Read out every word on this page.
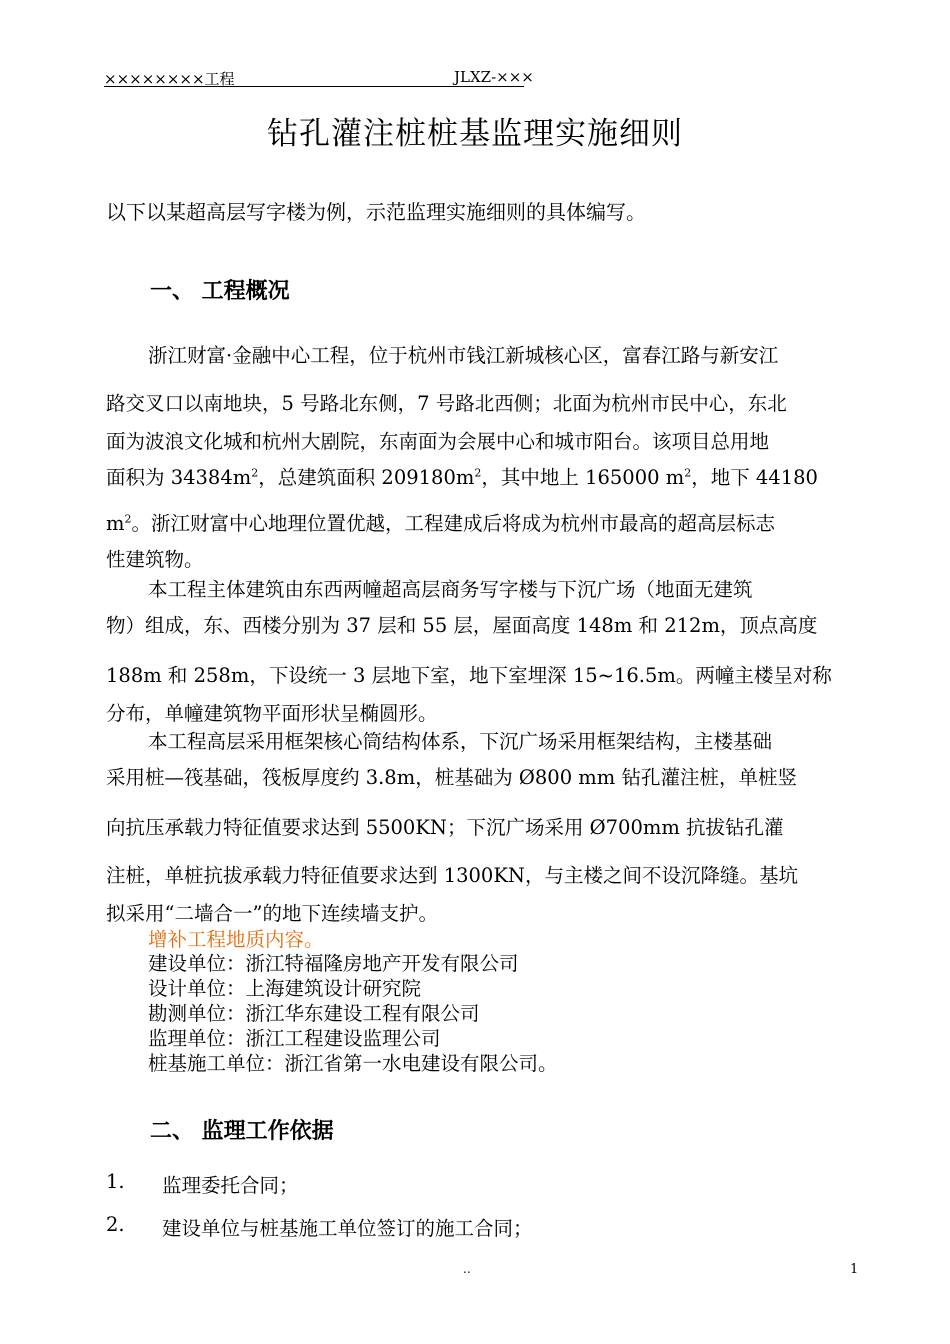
××××××××工程	JLXZ-×××
钻孔灌注桩桩基监理实施细则
以下以某超高层写字楼为例，示范监理实施细则的具体编写。
一、 工程概况
浙江财富·金融中心工程，位于杭州市钱江新城核心区，富春江路与新安江
路交叉口以南地块，5 号路北东侧，7 号路北西侧；北面为杭州市民中心，东北
面为波浪文化城和杭州大剧院，东南面为会展中心和城市阳台。该项目总用地
面积为 $34384m^2$，总建筑面积 $209180m^2$，其中地上 165000 $m^2$，地下 44180
$m^2$。浙江财富中心地理位置优越，工程建成后将成为杭州市最高的超高层标志
性建筑物。
本工程主体建筑由东西两幢超高层商务写字楼与下沉广场（地面无建筑
物）组成，东、西楼分别为 37 层和 55 层，屋面高度 148m 和 212m，顶点高度
188m 和 258m，下设统一 3 层地下室，地下室埋深 15~16.5m。两幢主楼呈对称
分布，单幢建筑物平面形状呈椭圆形。
本工程高层采用框架核心筒结构体系，下沉广场采用框架结构，主楼基础
采用桩—筏基础，筏板厚度约 3.8m，桩基础为 Ø800 mm 钻孔灌注桩，单桩竖
向抗压承载力特征值要求达到 5500KN；下沉广场采用 Ø700mm 抗拔钻孔灌
注桩，单桩抗拔承载力特征值要求达到 1300KN，与主楼之间不设沉降缝。基坑
拟采用“二墙合一”的地下连续墙支护。
增补工程地质内容。
建设单位：浙江特福隆房地产开发有限公司
设计单位：上海建筑设计研究院
勘测单位：浙江华东建设工程有限公司
监理单位：浙江工程建设监理公司
桩基施工单位：浙江省第一水电建设有限公司。
二、 监理工作依据
1. 监理委托合同；
2. 建设单位与桩基施工单位签订的施工合同；
..	1
